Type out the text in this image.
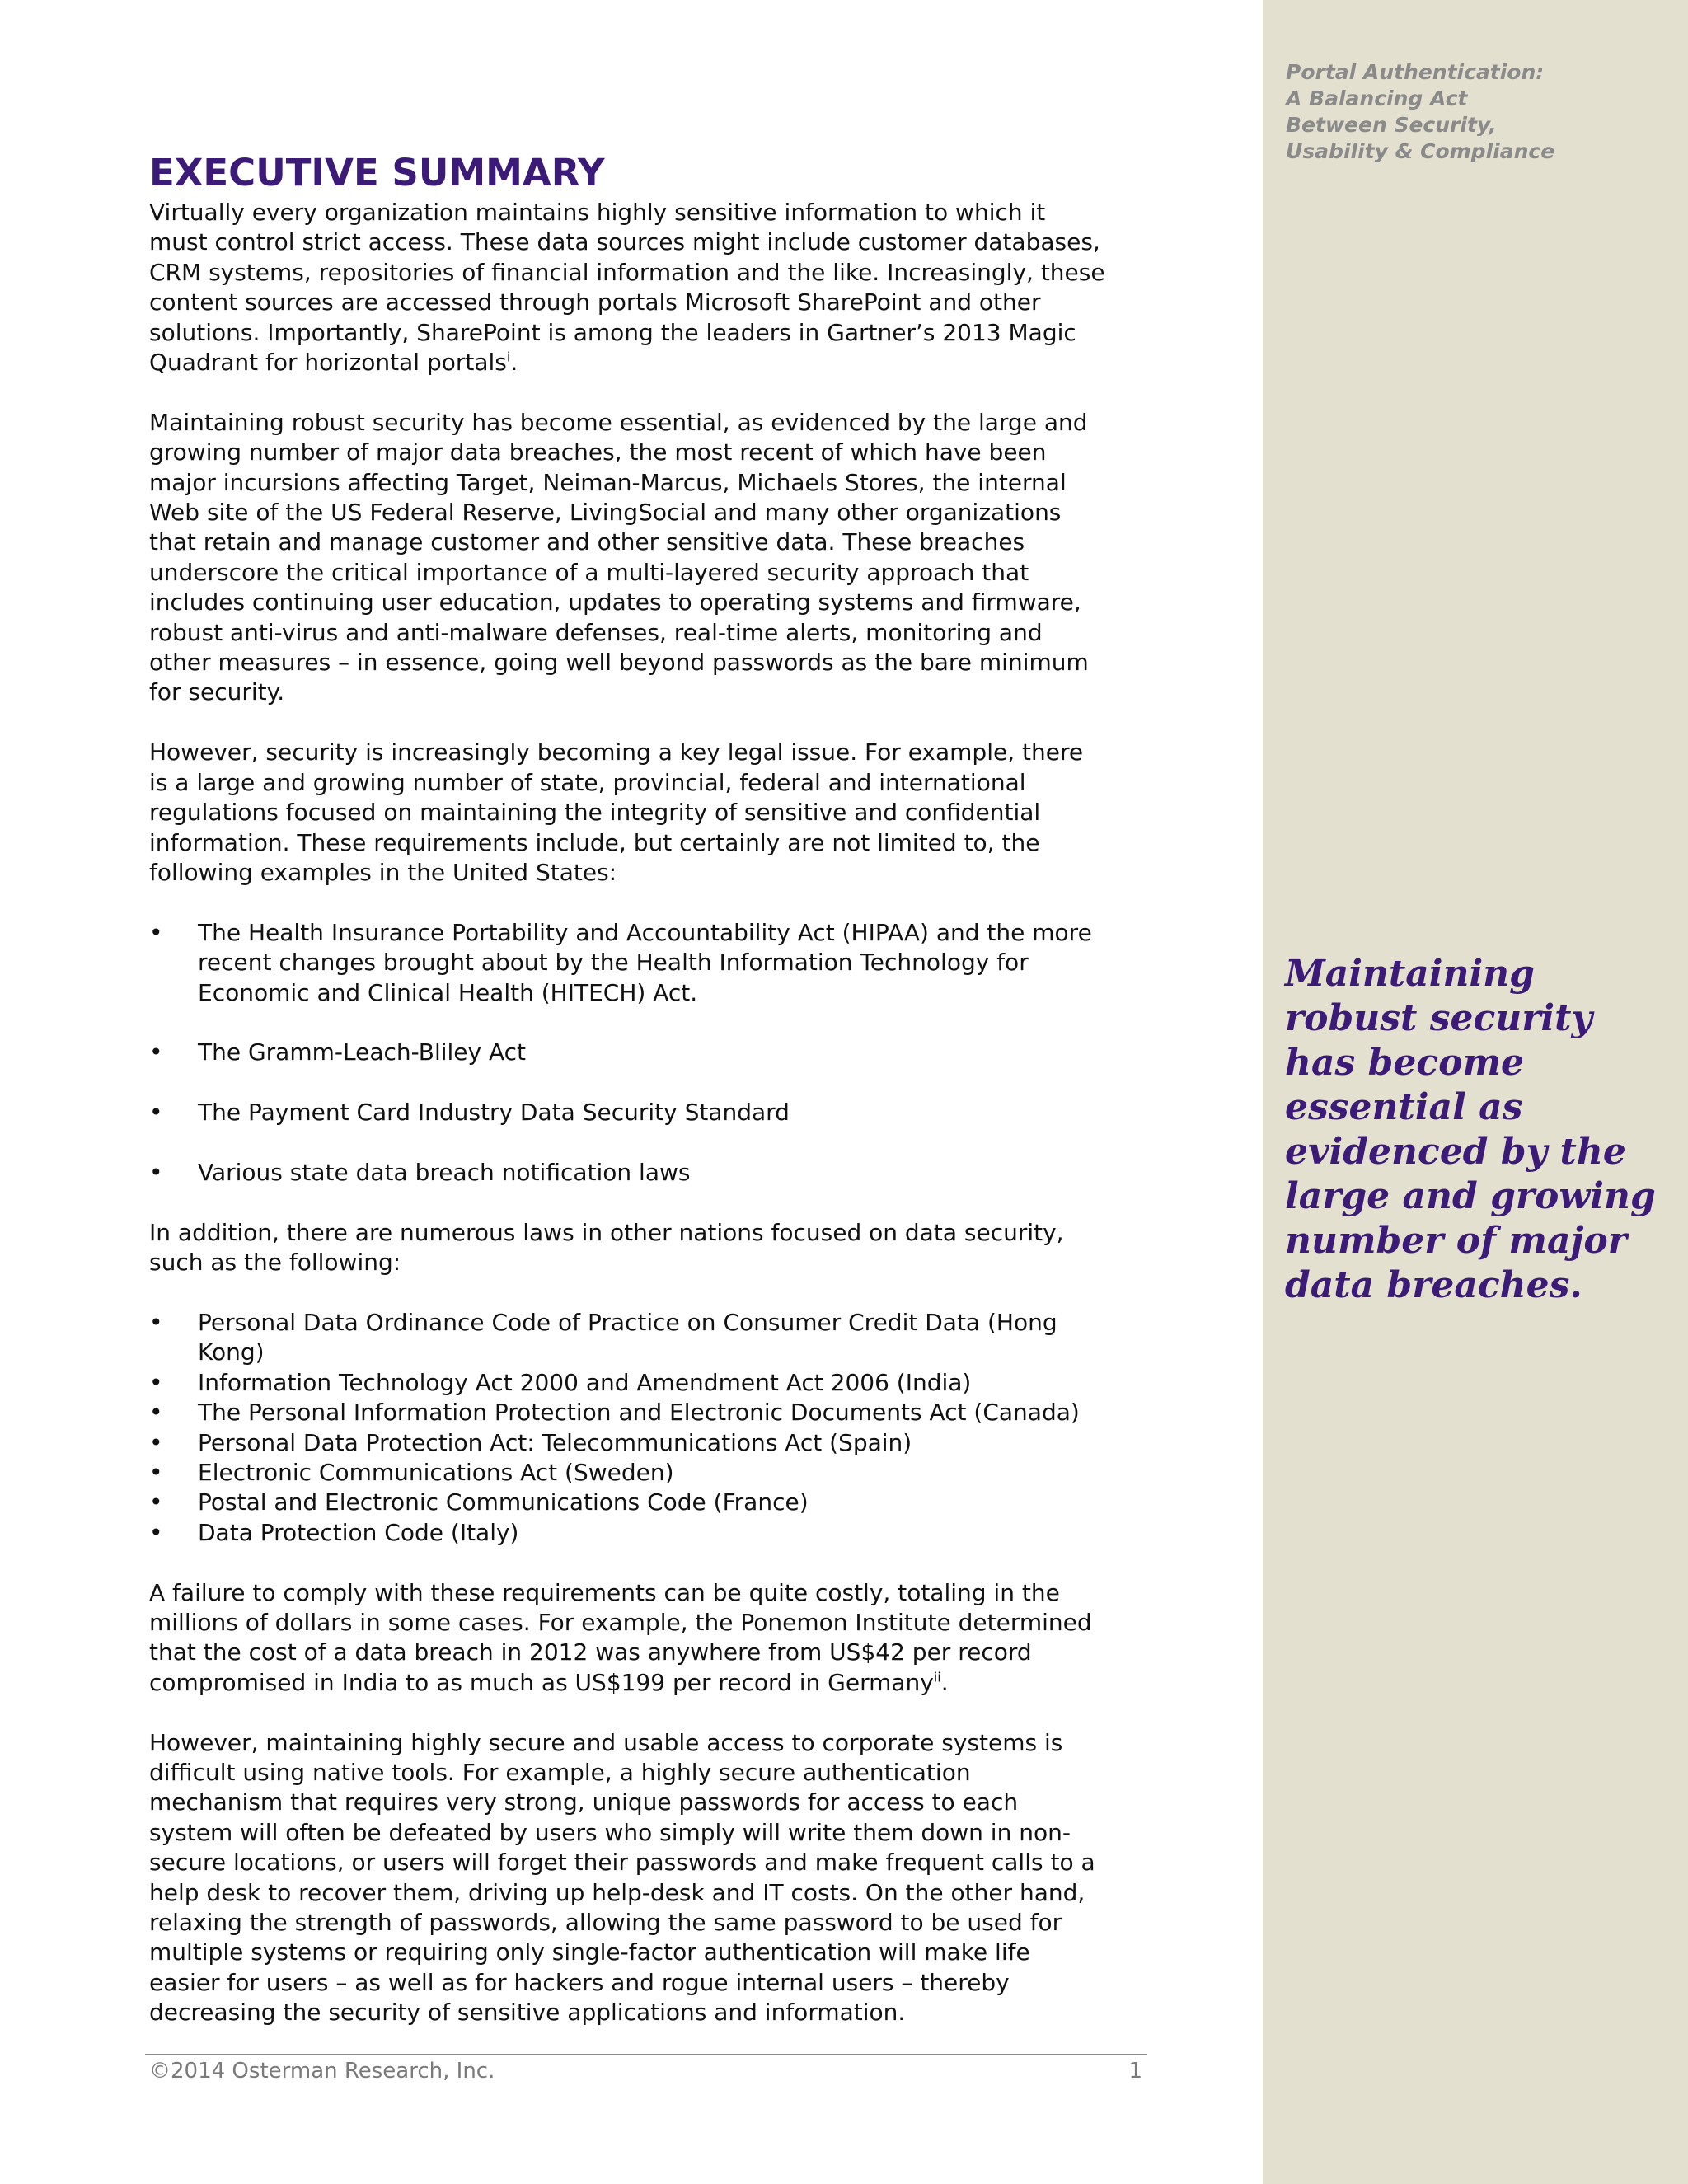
Portal Authentication: A Balancing Act Between Security, Usability & Compliance
Maintaining robust security has become essential as evidenced by the large and growing number of major data breaches.
EXECUTIVE SUMMARY

Virtually every organization maintains highly sensitive information to which it must control strict access. These data sources might include customer databases, CRM systems, repositories of financial information and the like. Increasingly, these content sources are accessed through portals Microsoft SharePoint and other solutions. Importantly, SharePoint is among the leaders in Gartner’s 2013 Magic Quadrant for horizontal portals$^i$.

Maintaining robust security has become essential, as evidenced by the large and growing number of major data breaches, the most recent of which have been major incursions affecting Target, Neiman-Marcus, Michaels Stores, the internal Web site of the US Federal Reserve, LivingSocial and many other organizations that retain and manage customer and other sensitive data. These breaches underscore the critical importance of a multi-layered security approach that includes continuing user education, updates to operating systems and firmware, robust anti-virus and anti-malware defenses, real-time alerts, monitoring and other measures – in essence, going well beyond passwords as the bare minimum for security.

However, security is increasingly becoming a key legal issue. For example, there is a large and growing number of state, provincial, federal and international regulations focused on maintaining the integrity of sensitive and confidential information. These requirements include, but certainly are not limited to, the following examples in the United States:

•	The Health Insurance Portability and Accountability Act (HIPAA) and the more recent changes brought about by the Health Information Technology for Economic and Clinical Health (HITECH) Act.
•	The Gramm-Leach-Bliley Act
•	The Payment Card Industry Data Security Standard
•	Various state data breach notification laws

In addition, there are numerous laws in other nations focused on data security, such as the following:

•	Personal Data Ordinance Code of Practice on Consumer Credit Data (Hong Kong)
•	Information Technology Act 2000 and Amendment Act 2006 (India)
•	The Personal Information Protection and Electronic Documents Act (Canada)
•	Personal Data Protection Act: Telecommunications Act (Spain)
•	Electronic Communications Act (Sweden)
•	Postal and Electronic Communications Code (France)
•	Data Protection Code (Italy)

A failure to comply with these requirements can be quite costly, totaling in the millions of dollars in some cases. For example, the Ponemon Institute determined that the cost of a data breach in 2012 was anywhere from US$42 per record compromised in India to as much as US$199 per record in Germany$^{ii}$.

However, maintaining highly secure and usable access to corporate systems is difficult using native tools. For example, a highly secure authentication mechanism that requires very strong, unique passwords for access to each system will often be defeated by users who simply will write them down in non-secure locations, or users will forget their passwords and make frequent calls to a help desk to recover them, driving up help-desk and IT costs. On the other hand, relaxing the strength of passwords, allowing the same password to be used for multiple systems or requiring only single-factor authentication will make life easier for users – as well as for hackers and rogue internal users – thereby decreasing the security of sensitive applications and information.

©2014 Osterman Research, Inc.	1
